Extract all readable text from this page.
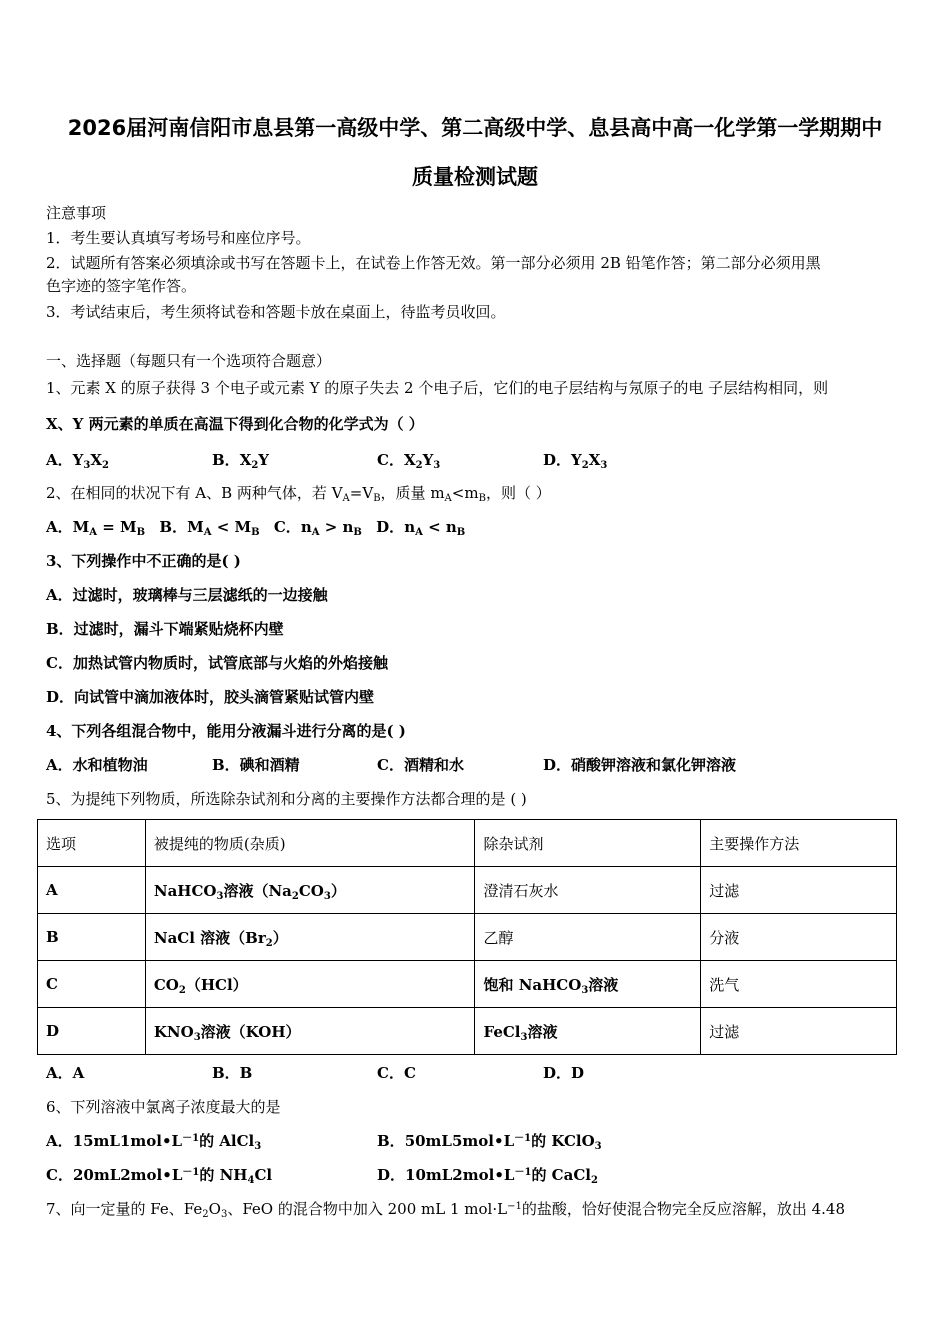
2026届河南信阳市息县第一高级中学、第二高级中学、息县高中高一化学第一学期期中
质量检测试题
注意事项
1．考生要认真填写考场号和座位序号。
2．试题所有答案必须填涂或书写在答题卡上，在试卷上作答无效。第一部分必须用 2B 铅笔作答；第二部分必须用黑
色字迹的签字笔作答。
3．考试结束后，考生须将试卷和答题卡放在桌面上，待监考员收回。
一、选择题（每题只有一个选项符合题意）
1、元素 X 的原子获得 3 个电子或元素 Y 的原子失去 2 个电子后，它们的电子层结构与氖原子的电 子层结构相同，则
X、Y 两元素的单质在高温下得到化合物的化学式为（ ）
A．$Y_3X_2$	B．$X_2Y$	C．$X_2Y_3$	D．$Y_2X_3$
2、在相同的状况下有 A、B 两种气体，若 $V_A=V_B$，质量 $m_A<m_B$，则（ ）
A．$M_A = M_B$ B．$M_A < M_B$ C．$n_A > n_B$ D．$n_A < n_B$
3、下列操作中不正确的是( )
A．过滤时，玻璃棒与三层滤纸的一边接触
B．过滤时，漏斗下端紧贴烧杯内壁
C．加热试管内物质时，试管底部与火焰的外焰接触
D．向试管中滴加液体时，胶头滴管紧贴试管内壁
4、下列各组混合物中，能用分液漏斗进行分离的是( )
A．水和植物油	B．碘和酒精	C．酒精和水	D．硝酸钾溶液和氯化钾溶液
5、为提纯下列物质，所选除杂试剂和分离的主要操作方法都合理的是 ( )
选项	被提纯的物质(杂质)	除杂试剂	主要操作方法
A	NaHCO$_3$溶液$(Na_2CO_3)$	澄清石灰水	过滤
B	NaCl 溶液$(Br_2)$	乙醇	分液
C	$CO_2(HCl)$	饱和 NaHCO$_3$溶液	洗气
D	$KNO_3$溶液（KOH）	FeCl$_3$溶液	过滤
A．A	B．B	C．C	D．D
6、下列溶液中氯离子浓度最大的是
A．$15mL1mol•L^{-1}$的 AlCl$_3$	B．$50mL5mol•L^{-1}$的 KClO$_3$
C．$20mL2mol•L^{-1}$的 $NH_4Cl$	D．$10mL2mol•L^{-1}$的 CaCl$_2$
7、向一定量的 Fe、$Fe_2O_3$、FeO 的混合物中加入 200 mL 1 $mol\cdot L^{-1}$的盐酸，恰好使混合物完全反应溶解，放出 4.48
